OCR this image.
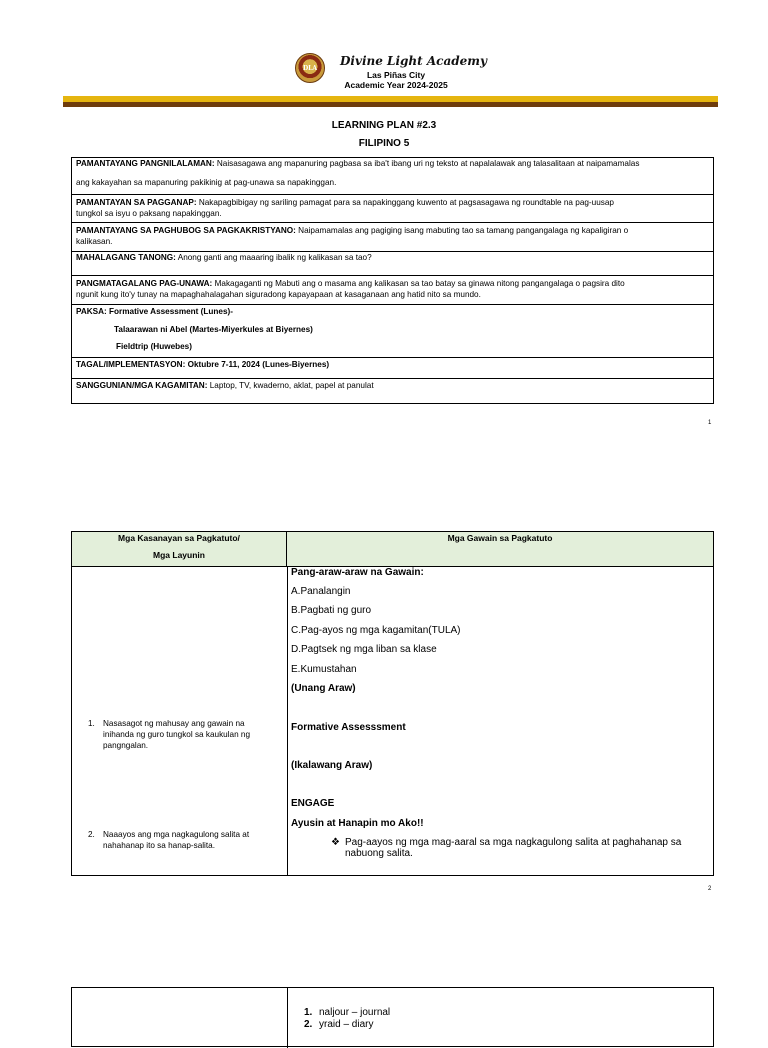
DLA Divine Light Academy
Las Piñas City
Academic Year 2024-2025
LEARNING PLAN #2.3
FILIPINO 5
PAMANTAYANG PANGNILALAMAN: Naisasagawa ang mapanuring pagbasa sa iba't ibang uri ng teksto at napalalawak ang talasalitaan at naipamamalas
ang kakayahan sa mapanuring pakikinig at pag-unawa sa napakinggan.
PAMANTAYAN SA PAGGANAP: Nakapagbibigay ng sariling pamagat para sa napakinggang kuwento at pagsasagawa ng roundtable na pag-uusap
tungkol sa isyu o paksang napakinggan.
PAMANTAYANG SA PAGHUBOG SA PAGKAKRISTYANO: Naipamamalas ang pagiging isang mabuting tao sa tamang pangangalaga ng kapaligiran o
kalikasan.
MAHALAGANG TANONG: Anong ganti ang maaaring ibalik ng kalikasan sa tao?
PANGMATAGALANG PAG-UNAWA: Makagaganti ng Mabuti ang o masama ang kalikasan sa tao batay sa ginawa nitong pangangalaga o pagsira dito
ngunit kung ito'y tunay na mapaghahalagahan siguradong kapayapaan at kasaganaan ang hatid nito sa mundo.
PAKSA: Formative Assessment (Lunes)-
Talaarawan ni Abel (Martes-Miyerkules at Biyernes)
Fieldtrip (Huwebes)
TAGAL/IMPLEMENTASYON: Oktubre 7-11, 2024 (Lunes-Biyernes)
SANGGUNIAN/MGA KAGAMITAN: Laptop, TV, kwaderno, aklat, papel at panulat
1
Mga Kasanayan sa Pagkatuto/
Mga Layunin
Mga Gawain sa Pagkatuto
1. Nasasagot ng mahusay ang gawain na
inihanda ng guro tungkol sa kaukulan ng
pangngalan.
2. Naaayos ang mga nagkagulong salita at
nahahanap ito sa hanap-salita.
Pang-araw-araw na Gawain:
A.Panalangin
B.Pagbati ng guro
C.Pag-ayos ng mga kagamitan(TULA)
D.Pagtsek ng mga liban sa klase
E.Kumustahan
(Unang Araw)
Formative Assesssment
(Ikalawang Araw)
ENGAGE
Ayusin at Hanapin mo Ako!!
❖ Pag-aayos ng mga mag-aaral sa mga nagkagulong salita at paghahanap sa
nabuong salita.
2
1. naljour – journal
2. yraid – diary
